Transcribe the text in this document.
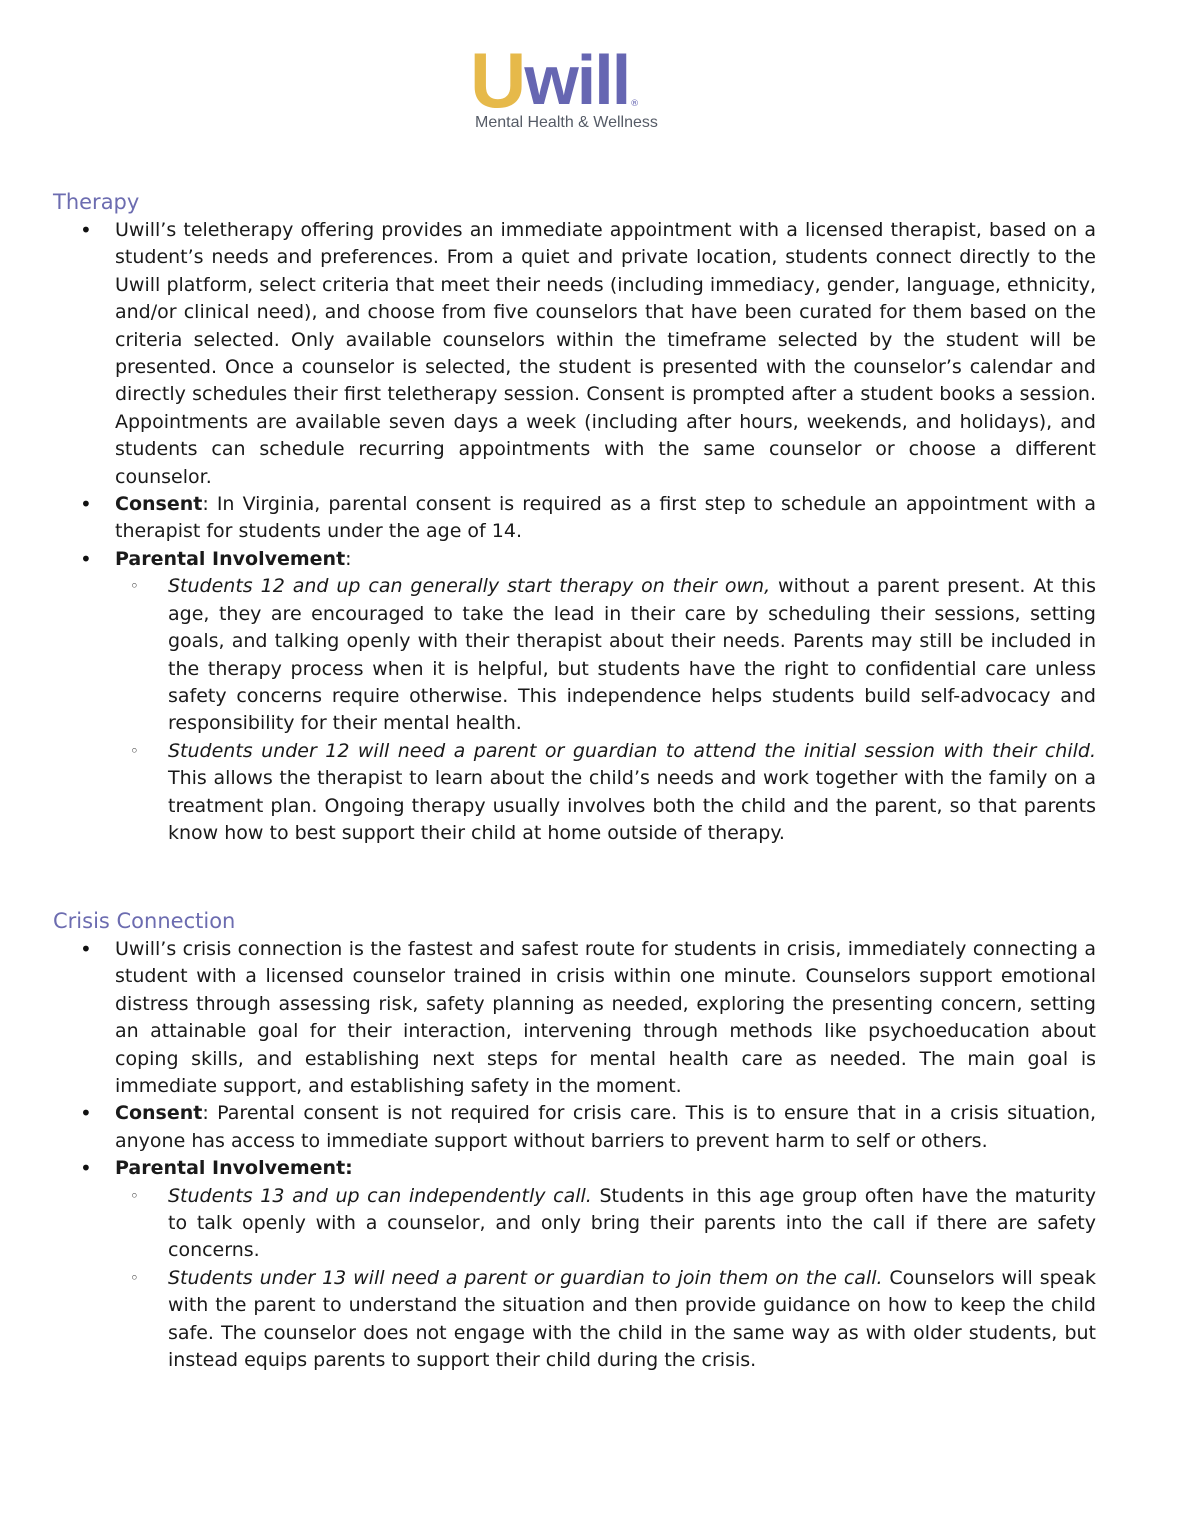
U will ®
Mental Health & Wellness
Therapy
• Uwill’s teletherapy offering provides an immediate appointment with a licensed therapist, based on a student’s needs and preferences. From a quiet and private location, students connect directly to the Uwill platform, select criteria that meet their needs (including immediacy, gender, language, ethnicity, and/or clinical need), and choose from five counselors that have been curated for them based on the criteria selected. Only available counselors within the timeframe selected by the student will be presented. Once a counselor is selected, the student is presented with the counselor’s calendar and directly schedules their first teletherapy session. Consent is prompted after a student books a session. Appointments are available seven days a week (including after hours, weekends, and holidays), and students can schedule recurring appointments with the same counselor or choose a different counselor.
• Consent: In Virginia, parental consent is required as a first step to schedule an appointment with a therapist for students under the age of 14.
• Parental Involvement:
◦ Students 12 and up can generally start therapy on their own, without a parent present. At this age, they are encouraged to take the lead in their care by scheduling their sessions, setting goals, and talking openly with their therapist about their needs. Parents may still be included in the therapy process when it is helpful, but students have the right to confidential care unless safety concerns require otherwise. This independence helps students build self-advocacy and responsibility for their mental health.
◦ Students under 12 will need a parent or guardian to attend the initial session with their child. This allows the therapist to learn about the child’s needs and work together with the family on a treatment plan. Ongoing therapy usually involves both the child and the parent, so that parents know how to best support their child at home outside of therapy.
Crisis Connection
• Uwill’s crisis connection is the fastest and safest route for students in crisis, immediately connecting a student with a licensed counselor trained in crisis within one minute. Counselors support emotional distress through assessing risk, safety planning as needed, exploring the presenting concern, setting an attainable goal for their interaction, intervening through methods like psychoeducation about coping skills, and establishing next steps for mental health care as needed. The main goal is immediate support, and establishing safety in the moment.
• Consent: Parental consent is not required for crisis care. This is to ensure that in a crisis situation, anyone has access to immediate support without barriers to prevent harm to self or others.
• Parental Involvement:
◦ Students 13 and up can independently call. Students in this age group often have the maturity to talk openly with a counselor, and only bring their parents into the call if there are safety concerns.
◦ Students under 13 will need a parent or guardian to join them on the call. Counselors will speak with the parent to understand the situation and then provide guidance on how to keep the child safe. The counselor does not engage with the child in the same way as with older students, but instead equips parents to support their child during the crisis.
